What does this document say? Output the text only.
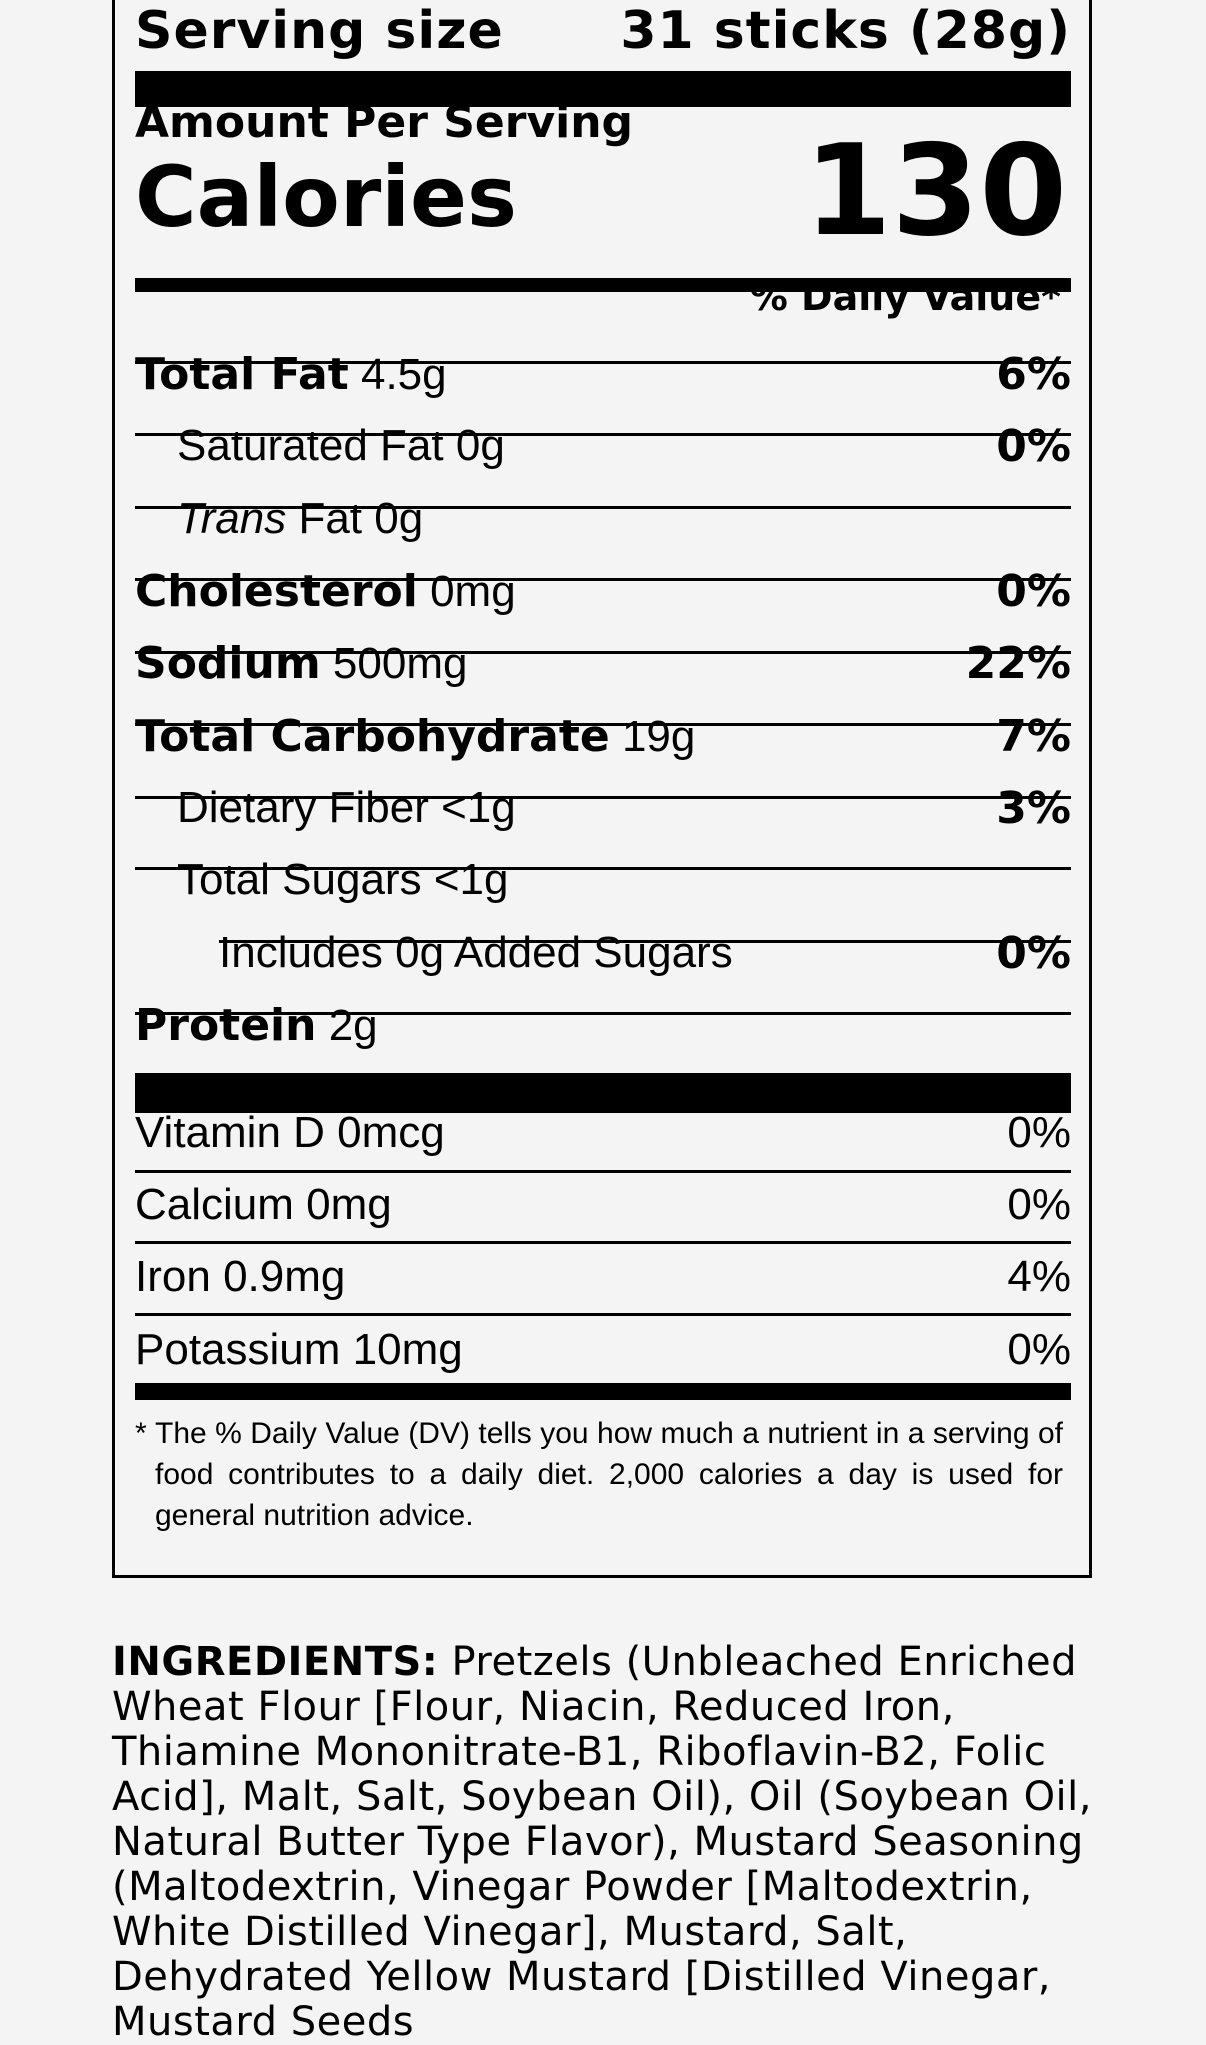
Serving size 31 sticks (28g)
Amount Per Serving
Calories 130
% Daily Value*
Total Fat 4.5g	6%
Saturated Fat 0g	0%
Trans Fat 0g
Cholesterol 0mg	0%
Sodium 500mg	22%
Total Carbohydrate 19g	7%
Dietary Fiber <1g	3%
Total Sugars <1g
Includes 0g Added Sugars	0%
Protein 2g
Vitamin D 0mcg	0%
Calcium 0mg	0%
Iron 0.9mg	4%
Potassium 10mg	0%
* The % Daily Value (DV) tells you how much a nutrient in a serving of food contributes to a daily diet. 2,000 calories a day is used for general nutrition advice.
INGREDIENTS: Pretzels (Unbleached Enriched Wheat Flour [Flour, Niacin, Reduced Iron, Thiamine Mononitrate-B1, Riboflavin-B2, Folic Acid], Malt, Salt, Soybean Oil), Oil (Soybean Oil, Natural Butter Type Flavor), Mustard Seasoning (Maltodextrin, Vinegar Powder [Maltodextrin, White Distilled Vinegar], Mustard, Salt, Dehydrated Yellow Mustard [Distilled Vinegar, Mustard Seeds
